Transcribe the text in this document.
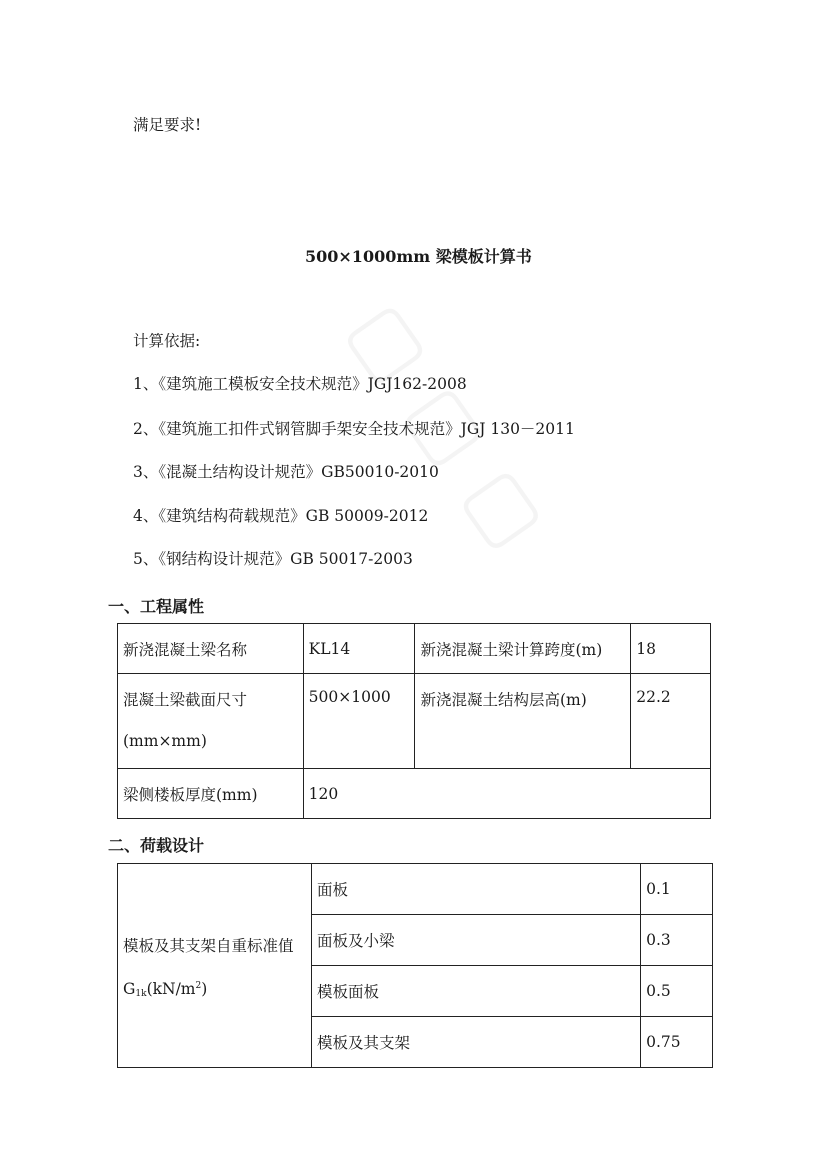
满足要求!
500×1000mm 梁模板计算书
计算依据:
1、《建筑施工模板安全技术规范》JGJ162-2008
2、《建筑施工扣件式钢管脚手架安全技术规范》JGJ 130－2011
3、《混凝土结构设计规范》GB50010-2010
4、《建筑结构荷载规范》GB 50009-2012
5、《钢结构设计规范》GB 50017-2003
一、工程属性
新浇混凝土梁名称	KL14	新浇混凝土梁计算跨度(m)	18

混凝土梁截面尺寸
(mm×mm)	500×1000	新浇混凝土结构层高(m)	22.2
梁侧楼板厚度(mm)	120		
二、荷载设计
模板及其支架自重标准值
$G1k(kN/m^2)$	面板	0.1
	面板及小梁	0.3
	模板面板	0.5
	模板及其支架	0.75
